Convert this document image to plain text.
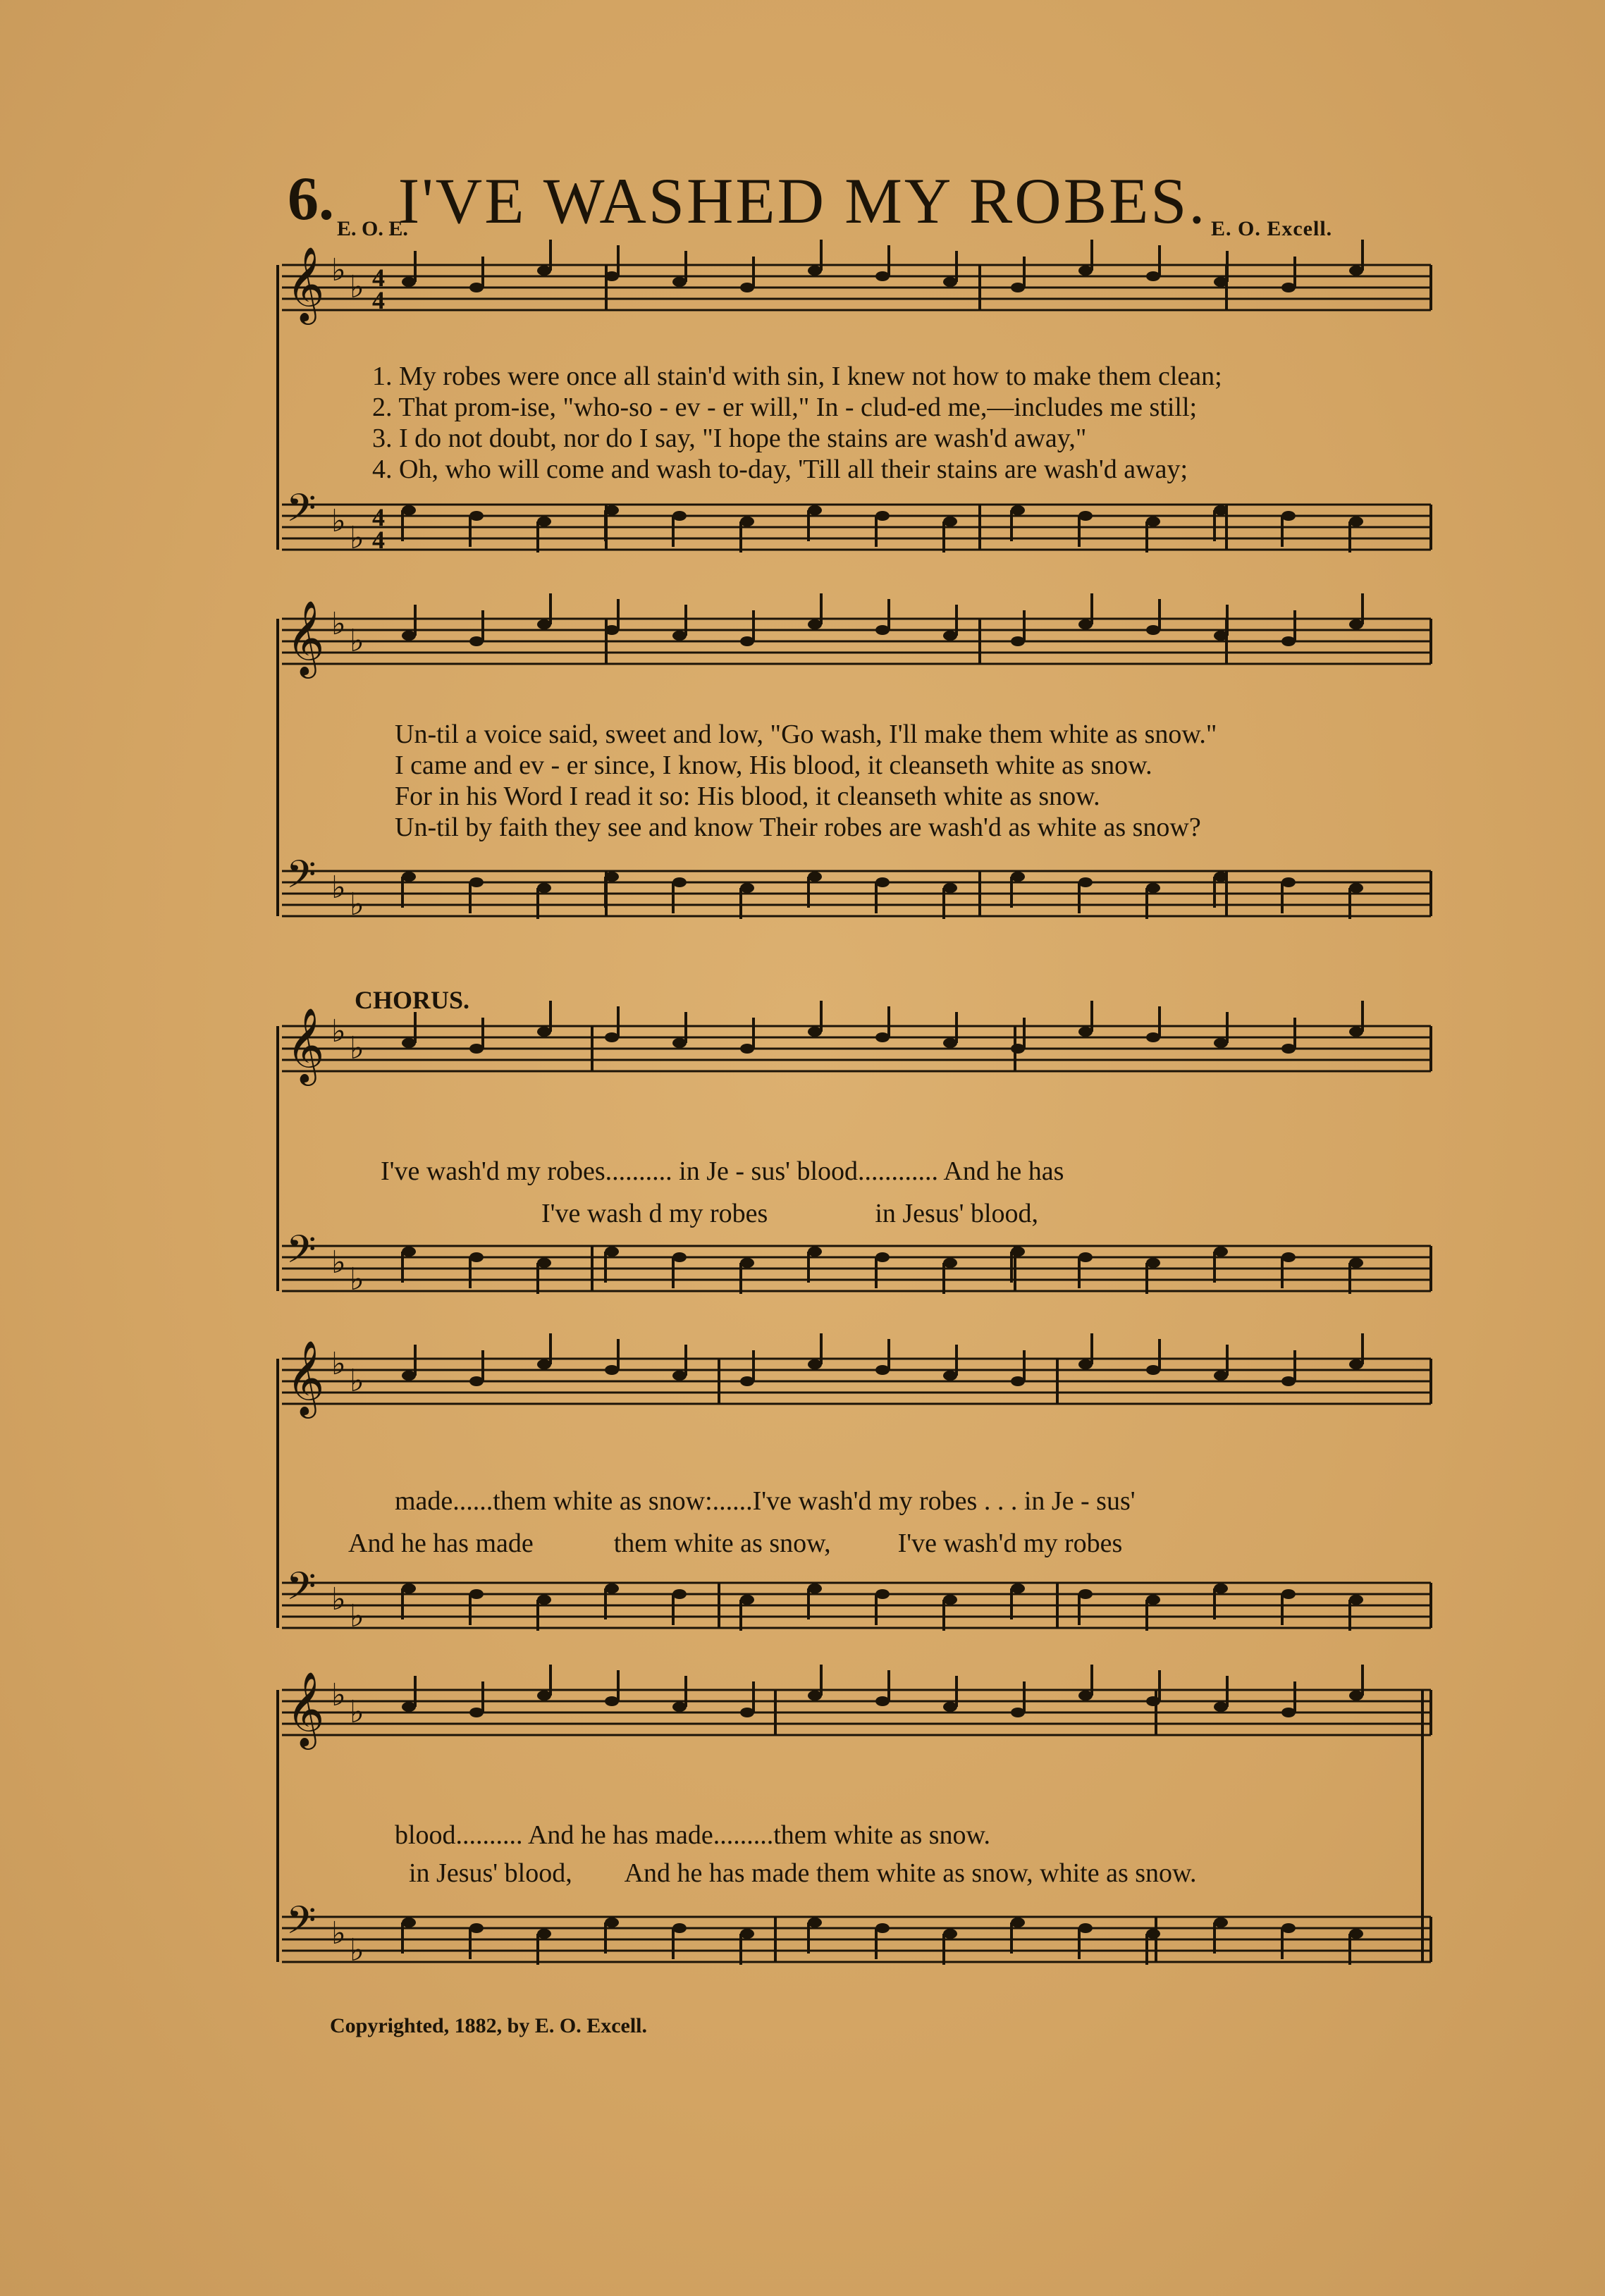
6. I'VE WASHED MY ROBES.
E. O. E.	E. O. Excell.
𝄞 ♭ ♭ 4
4
𝄢 ♭ ♭
4
4
𝄞 ♭ ♭
𝄢 ♭ ♭
𝄞 ♭ ♭
𝄢 ♭ ♭
𝄞 ♭ ♭
𝄢 ♭ ♭
𝄞 ♭ ♭
𝄢 ♭ ♭
1. My robes were once all stain'd with sin, I knew not how to make them clean;
2. That prom-ise, "who-so - ev - er will," In - clud-ed me,—includes me still;
3. I do not doubt, nor do I say, "I hope the stains are wash'd away,"
4. Oh, who will come and wash to-day, 'Till all their stains are wash'd away;
Un-til a voice said, sweet and low, "Go wash, I'll make them white as snow."
I came and ev - er since, I know, His blood, it cleanseth white as snow.
For in his Word I read it so: His blood, it cleanseth white as snow.
Un-til by faith they see and know Their robes are wash'd as white as snow?
CHORUS.
I've wash'd my robes.......... in Je - sus' blood............ And he has
I've wash d my robes                in Jesus' blood,
made......them white as snow:......I've wash'd my robes . . . in Je - sus'
And he has made            them white as snow,          I've wash'd my robes
blood.......... And he has made.........them white as snow.
in Jesus' blood,        And he has made them white as snow, white as snow.
Copyrighted, 1882, by E. O. Excell.
